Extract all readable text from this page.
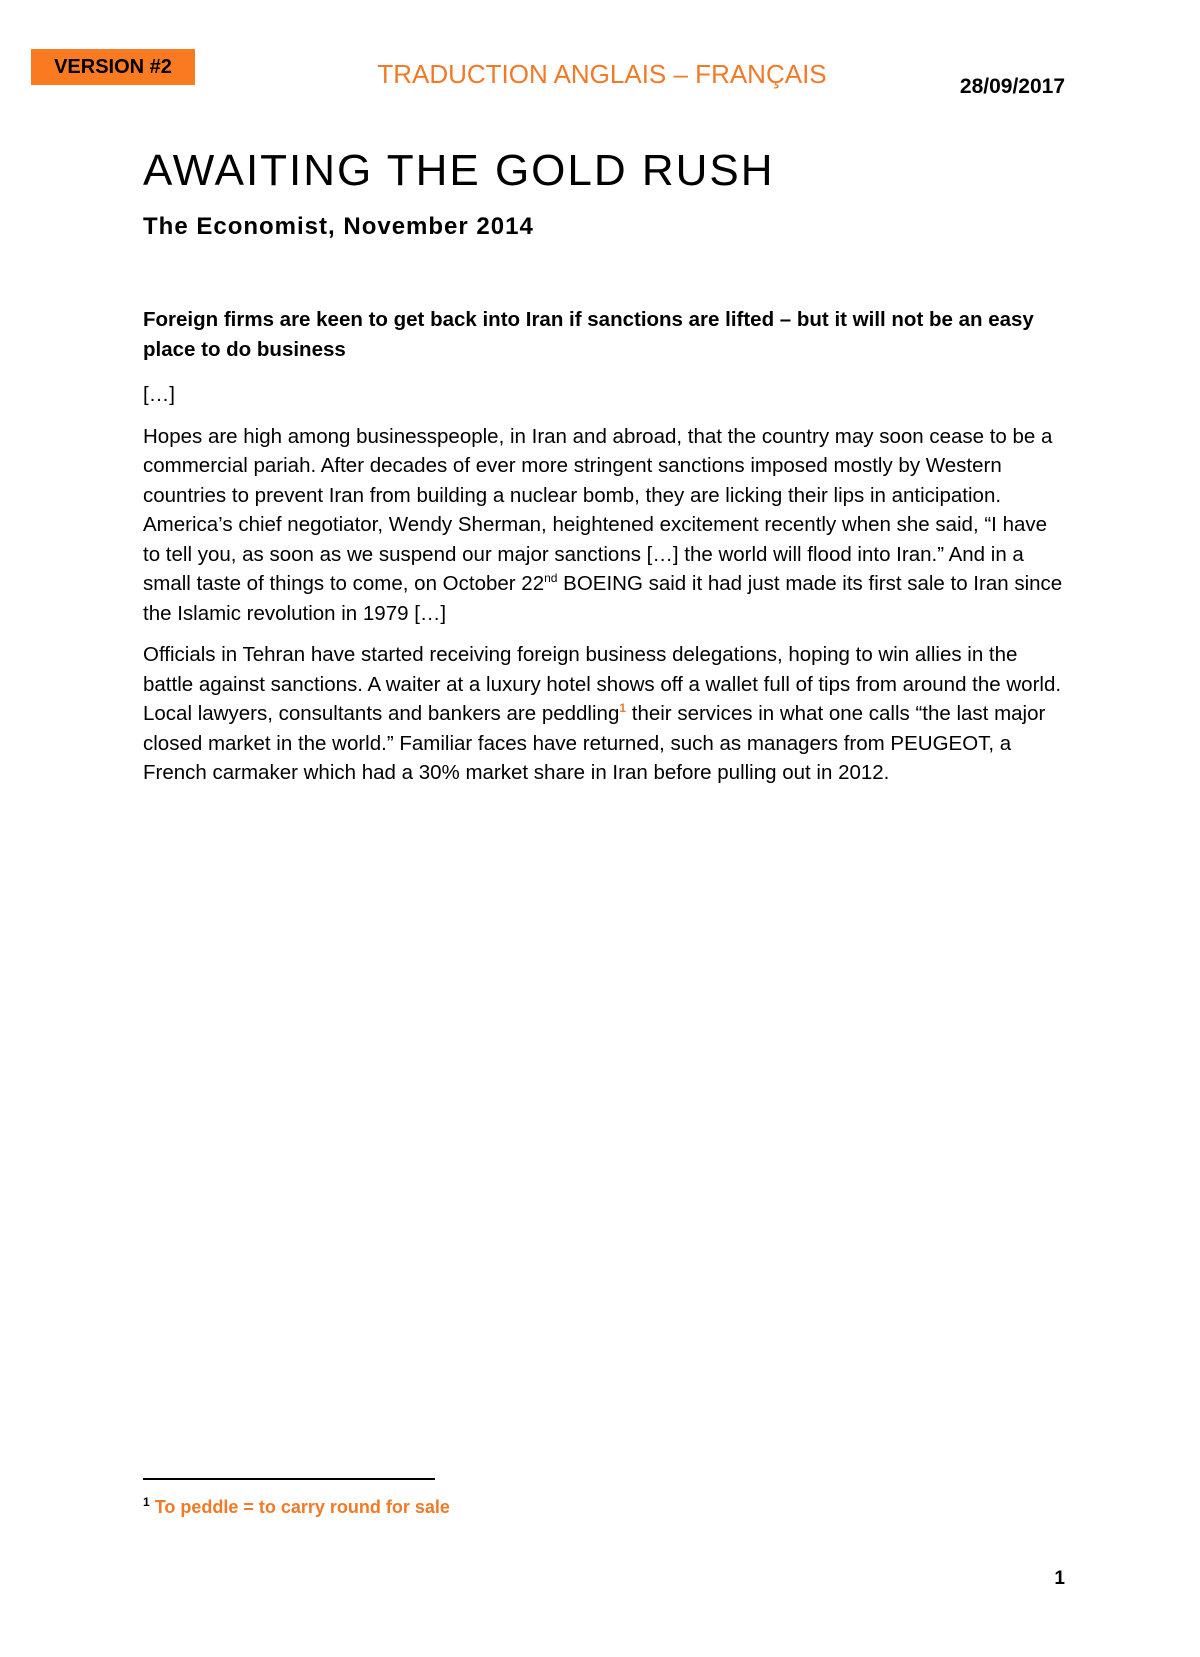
VERSION #2	TRADUCTION ANGLAIS – FRANÇAIS	28/09/2017
AWAITING THE GOLD RUSH
The Economist, November 2014

Foreign firms are keen to get back into Iran if sanctions are lifted – but it will not be an easy place to do business

[…]

Hopes are high among businesspeople, in Iran and abroad, that the country may soon cease to be a commercial pariah. After decades of ever more stringent sanctions imposed mostly by Western countries to prevent Iran from building a nuclear bomb, they are licking their lips in anticipation. America’s chief negotiator, Wendy Sherman, heightened excitement recently when she said, “I have to tell you, as soon as we suspend our major sanctions […] the world will flood into Iran.” And in a small taste of things to come, on October 22nd BOEING said it had just made its first sale to Iran since the Islamic revolution in 1979 […]

Officials in Tehran have started receiving foreign business delegations, hoping to win allies in the battle against sanctions. A waiter at a luxury hotel shows off a wallet full of tips from around the world. Local lawyers, consultants and bankers are peddling$^1$ their services in what one calls “the last major closed market in the world.” Familiar faces have returned, such as managers from PEUGEOT, a French carmaker which had a 30% market share in Iran before pulling out in 2012.

$^1$ To peddle = to carry round for sale
1
